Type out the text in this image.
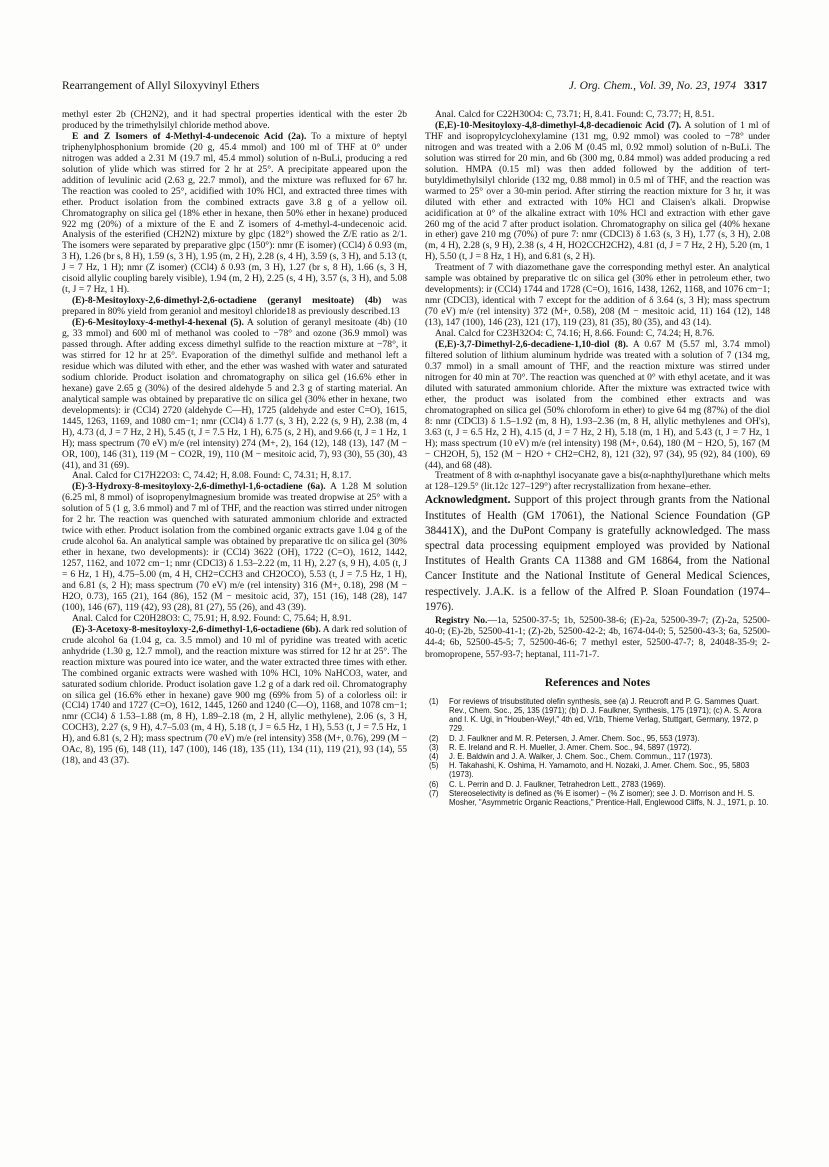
Rearrangement of Allyl Siloxyvinyl Ethers	J. Org. Chem., Vol. 39, No. 23, 1974 3317

methyl ester 2b (CH2N2), and it had spectral properties identical with the ester 2b produced by the trimethylsilyl chloride method above.

E and Z Isomers of 4-Methyl-4-undecenoic Acid (2a). To a mixture of heptyl triphenylphosphonium bromide (20 g, 45.4 mmol) and 100 ml of THF at 0° under nitrogen was added a 2.31 M (19.7 ml, 45.4 mmol) solution of n-BuLi, producing a red solution of ylide which was stirred for 2 hr at 25°. A precipitate appeared upon the addition of levulinic acid (2.63 g, 22.7 mmol), and the mixture was refluxed for 67 hr. The reaction was cooled to 25°, acidified with 10% HCl, and extracted three times with ether. Product isolation from the combined extracts gave 3.8 g of a yellow oil. Chromatography on silica gel (18% ether in hexane, then 50% ether in hexane) produced 922 mg (20%) of a mixture of the E and Z isomers of 4-methyl-4-undecenoic acid. Analysis of the esterified (CH2N2) mixture by glpc (182°) showed the Z/E ratio as 2/1. The isomers were separated by preparative glpc (150°): nmr (E isomer) (CCl4) δ 0.93 (m, 3 H), 1.26 (br s, 8 H), 1.59 (s, 3 H), 1.95 (m, 2 H), 2.28 (s, 4 H), 3.59 (s, 3 H), and 5.13 (t, J = 7 Hz, 1 H); nmr (Z isomer) (CCl4) δ 0.93 (m, 3 H), 1.27 (br s, 8 H), 1.66 (s, 3 H, cisoid allylic coupling barely visible), 1.94 (m, 2 H), 2.25 (s, 4 H), 3.57 (s, 3 H), and 5.08 (t, J = 7 Hz, 1 H).

(E)-8-Mesitoyloxy-2,6-dimethyl-2,6-octadiene (geranyl mesitoate) (4b) was prepared in 80% yield from geraniol and mesitoyl chloride18 as previously described.13

(E)-6-Mesitoyloxy-4-methyl-4-hexenal (5). A solution of geranyl mesitoate (4b) (10 g, 33 mmol) and 600 ml of methanol was cooled to −78° and ozone (36.9 mmol) was passed through. After adding excess dimethyl sulfide to the reaction mixture at −78°, it was stirred for 12 hr at 25°. Evaporation of the dimethyl sulfide and methanol left a residue which was diluted with ether, and the ether was washed with water and saturated sodium chloride. Product isolation and chromatography on silica gel (16.6% ether in hexane) gave 2.65 g (30%) of the desired aldehyde 5 and 2.3 g of starting material. An analytical sample was obtained by preparative tlc on silica gel (30% ether in hexane, two developments): ir (CCl4) 2720 (aldehyde C—H), 1725 (aldehyde and ester C=O), 1615, 1445, 1263, 1169, and 1080 cm−1; nmr (CCl4) δ 1.77 (s, 3 H), 2.22 (s, 9 H), 2.38 (m, 4 H), 4.73 (d, J = 7 Hz, 2 H), 5.45 (t, J = 7.5 Hz, 1 H), 6.75 (s, 2 H), and 9.66 (t, J = 1 Hz, 1 H); mass spectrum (70 eV) m/e (rel intensity) 274 (M+, 2), 164 (12), 148 (13), 147 (M − OR, 100), 146 (31), 119 (M − CO2R, 19), 110 (M − mesitoic acid, 7), 93 (30), 55 (30), 43 (41), and 31 (69).

Anal. Calcd for C17H22O3: C, 74.42; H, 8.08. Found: C, 74.31; H, 8.17.

(E)-3-Hydroxy-8-mesitoyloxy-2,6-dimethyl-1,6-octadiene (6a). A 1.28 M solution (6.25 ml, 8 mmol) of isopropenylmagnesium bromide was treated dropwise at 25° with a solution of 5 (1 g, 3.6 mmol) and 7 ml of THF, and the reaction was stirred under nitrogen for 2 hr. The reaction was quenched with saturated ammonium chloride and extracted twice with ether. Product isolation from the combined organic extracts gave 1.04 g of the crude alcohol 6a. An analytical sample was obtained by preparative tlc on silica gel (30% ether in hexane, two developments): ir (CCl4) 3622 (OH), 1722 (C=O), 1612, 1442, 1257, 1162, and 1072 cm−1; nmr (CDCl3) δ 1.53–2.22 (m, 11 H), 2.27 (s, 9 H), 4.05 (t, J = 6 Hz, 1 H), 4.75–5.00 (m, 4 H, CH2=CCH3 and CH2OCO), 5.53 (t, J = 7.5 Hz, 1 H), and 6.81 (s, 2 H); mass spectrum (70 eV) m/e (rel intensity) 316 (M+, 0.18), 298 (M − H2O, 0.73), 165 (21), 164 (86), 152 (M − mesitoic acid, 37), 151 (16), 148 (28), 147 (100), 146 (67), 119 (42), 93 (28), 81 (27), 55 (26), and 43 (39).

Anal. Calcd for C20H28O3: C, 75.91; H, 8.92. Found: C, 75.64; H, 8.91.

(E)-3-Acetoxy-8-mesitoyloxy-2,6-dimethyl-1,6-octadiene (6b). A dark red solution of crude alcohol 6a (1.04 g, ca. 3.5 mmol) and 10 ml of pyridine was treated with acetic anhydride (1.30 g, 12.7 mmol), and the reaction mixture was stirred for 12 hr at 25°. The reaction mixture was poured into ice water, and the water extracted three times with ether. The combined organic extracts were washed with 10% HCl, 10% NaHCO3, water, and saturated sodium chloride. Product isolation gave 1.2 g of a dark red oil. Chromatography on silica gel (16.6% ether in hexane) gave 900 mg (69% from 5) of a colorless oil: ir (CCl4) 1740 and 1727 (C=O), 1612, 1445, 1260 and 1240 (C—O), 1168, and 1078 cm−1; nmr (CCl4) δ 1.53–1.88 (m, 8 H), 1.89–2.18 (m, 2 H, allylic methylene), 2.06 (s, 3 H, COCH3), 2.27 (s, 9 H), 4.7–5.03 (m, 4 H), 5.18 (t, J = 6.5 Hz, 1 H), 5.53 (t, J = 7.5 Hz, 1 H), and 6.81 (s, 2 H); mass spectrum (70 eV) m/e (rel intensity) 358 (M+, 0.76), 299 (M − OAc, 8), 195 (6), 148 (11), 147 (100), 146 (18), 135 (11), 134 (11), 119 (21), 93 (14), 55 (18), and 43 (37).

Anal. Calcd for C22H30O4: C, 73.71; H, 8.41. Found: C, 73.77; H, 8.51.

(E,E)-10-Mesitoyloxy-4,8-dimethyl-4,8-decadienoic Acid (7). A solution of 1 ml of THF and isopropylcyclohexylamine (131 mg, 0.92 mmol) was cooled to −78° under nitrogen and was treated with a 2.06 M (0.45 ml, 0.92 mmol) solution of n-BuLi. The solution was stirred for 20 min, and 6b (300 mg, 0.84 mmol) was added producing a red solution. HMPA (0.15 ml) was then added followed by the addition of tert-butyldimethylsilyl chloride (132 mg, 0.88 mmol) in 0.5 ml of THF, and the reaction was warmed to 25° over a 30-min period. After stirring the reaction mixture for 3 hr, it was diluted with ether and extracted with 10% HCl and Claisen's alkali. Dropwise acidification at 0° of the alkaline extract with 10% HCl and extraction with ether gave 260 mg of the acid 7 after product isolation. Chromatography on silica gel (40% hexane in ether) gave 210 mg (70%) of pure 7: nmr (CDCl3) δ 1.63 (s, 3 H), 1.77 (s, 3 H), 2.08 (m, 4 H), 2.28 (s, 9 H), 2.38 (s, 4 H, HO2CCH2CH2), 4.81 (d, J = 7 Hz, 2 H), 5.20 (m, 1 H), 5.50 (t, J = 8 Hz, 1 H), and 6.81 (s, 2 H).

Treatment of 7 with diazomethane gave the corresponding methyl ester. An analytical sample was obtained by preparative tlc on silica gel (30% ether in petroleum ether, two developments): ir (CCl4) 1744 and 1728 (C=O), 1616, 1438, 1262, 1168, and 1076 cm−1; nmr (CDCl3), identical with 7 except for the addition of δ 3.64 (s, 3 H); mass spectrum (70 eV) m/e (rel intensity) 372 (M+, 0.58), 208 (M − mesitoic acid, 11) 164 (12), 148 (13), 147 (100), 146 (23), 121 (17), 119 (23), 81 (35), 80 (35), and 43 (14).

Anal. Calcd for C23H32O4: C, 74.16; H, 8.66. Found: C, 74.24; H, 8.76.

(E,E)-3,7-Dimethyl-2,6-decadiene-1,10-diol (8). A 0.67 M (5.57 ml, 3.74 mmol) filtered solution of lithium aluminum hydride was treated with a solution of 7 (134 mg, 0.37 mmol) in a small amount of THF, and the reaction mixture was stirred under nitrogen for 40 min at 70°. The reaction was quenched at 0° with ethyl acetate, and it was diluted with saturated ammonium chloride. After the mixture was extracted twice with ether, the product was isolated from the combined ether extracts and was chromatographed on silica gel (50% chloroform in ether) to give 64 mg (87%) of the diol 8: nmr (CDCl3) δ 1.5–1.92 (m, 8 H), 1.93–2.36 (m, 8 H, allylic methylenes and OH's), 3.63 (t, J = 6.5 Hz, 2 H), 4.15 (d, J = 7 Hz, 2 H), 5.18 (m, 1 H), and 5.43 (t, J = 7 Hz, 1 H); mass spectrum (10 eV) m/e (rel intensity) 198 (M+, 0.64), 180 (M − H2O, 5), 167 (M − CH2OH, 5), 152 (M − H2O + CH2=CH2, 8), 121 (32), 97 (34), 95 (92), 84 (100), 69 (44), and 68 (48).

Treatment of 8 with α-naphthyl isocyanate gave a bis(α-naphthyl)urethane which melts at 128–129.5° (lit.12c 127–129°) after recrystallization from hexane–ether.

Acknowledgment. Support of this project through grants from the National Institutes of Health (GM 17061), the National Science Foundation (GP 38441X), and the DuPont Company is gratefully acknowledged. The mass spectral data processing equipment employed was provided by National Institutes of Health Grants CA 11388 and GM 16864, from the National Cancer Institute and the National Institute of General Medical Sciences, respectively. J.A.K. is a fellow of the Alfred P. Sloan Foundation (1974–1976).

Registry No.—1a, 52500-37-5; 1b, 52500-38-6; (E)-2a, 52500-39-7; (Z)-2a, 52500-40-0; (E)-2b, 52500-41-1; (Z)-2b, 52500-42-2; 4b, 1674-04-0; 5, 52500-43-3; 6a, 52500-44-4; 6b, 52500-45-5; 7, 52500-46-6; 7 methyl ester, 52500-47-7; 8, 24048-35-9; 2-bromopropene, 557-93-7; heptanal, 111-71-7.

References and Notes
(1) For reviews of trisubstituted olefin synthesis, see (a) J. Reucroft and P. G. Sammes Quart. Rev., Chem. Soc., 25, 135 (1971); (b) D. J. Faulkner, Synthesis, 175 (1971); (c) A. S. Arora and I. K. Ugi, in "Houben-Weyl," 4th ed, V/1b, Thieme Verlag, Stuttgart, Germany, 1972, p 729.
(2) D. J. Faulkner and M. R. Petersen, J. Amer. Chem. Soc., 95, 553 (1973).
(3) R. E. Ireland and R. H. Mueller, J. Amer. Chem. Soc., 94, 5897 (1972).
(4) J. E. Baldwin and J. A. Walker, J. Chem. Soc., Chem. Commun., 117 (1973).
(5) H. Takahashi, K. Oshima, H. Yamamoto, and H. Nozaki, J. Amer. Chem. Soc., 95, 5803 (1973).
(6) C. L. Perrin and D. J. Faulkner, Tetrahedron Lett., 2783 (1969).
(7) Stereoselectivity is defined as (% E isomer) − (% Z isomer); see J. D. Morrison and H. S. Mosher, "Asymmetric Organic Reactions," Prentice-Hall, Englewood Cliffs, N. J., 1971, p. 10.
